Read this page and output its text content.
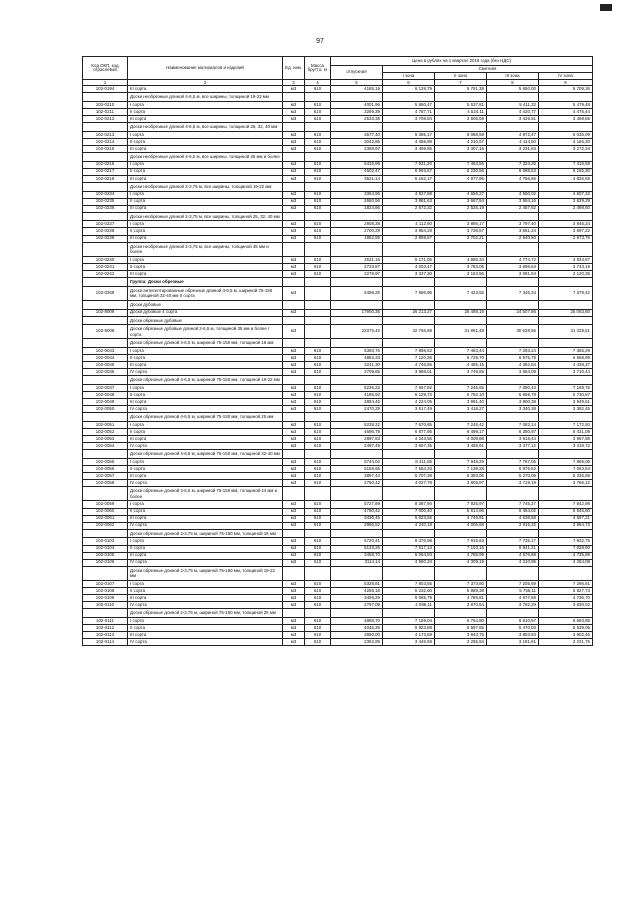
97
Код ОКП, код отраслевой	Наименование материалов и изделий	Ед. изм.	Масса брутто, кг	Цена в рублях на 1 квартал 2016 года (без НДС)				
				отпускная	Сметная			
					I зона	II зона	III зона	IV зона
1	2	3	4	5	6	7	8	9
102-0194	III сорта	м3	610	4185,19	6 128,79	5 791,38	5 650,00	5 709,36
	Доски необрезные длиной 4-6,5 м, все ширины, толщиной 19-22 мм							
102-0210	I сорта	м3	610	4001,96	5 860,47	5 537,81	5 411,32	5 479,48
102-0211	II сорта	м3	610	3269,39	4 787,71	4 524,11	4 420,77	4 476,44
102-0212	III сорта	м3	610	2533,35	3 709,84	3 505,59	3 425,51	3 468,65
	Доски необрезные длиной 4-6,5 м, все ширины, толщиной 25, 32, 40 мм							
102-0213	I сорта	м3	610	3677,40	5 385,17	5 088,59	4 972,47	5 035,09
102-0214	II сорта	м3	610	3042,86	4 455,99	4 210,57	4 114,50	4 166,30
102-0215	III сорта	м3	610	2389,97	3 499,85	3 307,16	3 231,63	3 272,34
	Доски необрезные длиной 4-6,5 м, все ширины, толщиной 45 мм и более							
102-0216	I сорта	м3	610	5415,99	7 931,20	7 494,55	7 323,25	7 415,58
102-0217	II сорта	м3	610	4502,47	6 593,67	6 230,56	6 088,53	6 165,30
102-0218	III сорта	м3	610	3521,14	5 162,17	4 877,86	4 766,56	4 826,59
	Доски необрезные длиной 2-3,75 м, все ширины, толщиной 19-22 мм							
102-0234	I сорта	м3	610	3364,96	4 927,68	4 656,27	4 550,02	4 607,32
102-0235	II сорта	м3	610	2650,56	3 881,63	3 667,94	3 584,16	3 629,29
102-0236	III сорта	м3	610	1824,86	2 672,32	2 525,19	2 467,52	2 498,60
	Доски необрезные длиной 2-3,75 м, все ширины, толщиной 25, 32, 40 мм							
102-0237	I сорта	м3	610	2808,38	4 112,60	3 886,17	3 797,40	3 845,24
102-0238	II сорта	м3	610	2700,29	3 954,29	3 736,57	3 651,24	3 697,22
102-0239	III сорта	м3	610	1952,86	2 859,67	2 702,21	2 640,50	2 673,76
	Доски необрезные длиной 2-3,75 м, все ширины, толщиной 45 мм и более							
102-0240	I сорта	м3	610	3531,16	5 171,05	4 886,34	4 774,72	4 834,87
102-0241	II сорта	м3	610	2733,87	4 003,47	3 783,05	3 696,64	3 743,19
102-0242	III сорта	м3	610	2278,97	3 337,30	3 153,56	3 081,54	3 120,35
	Группа: Доски обрезные							
102-0269	Доски антисептированные обрезные длиной 4-6,5 м, шириной 75-150 мм, толщиной 32-40 мм II сорта	м3		5498,25	7 586,95	7 423,55	7 346,34	7 379,42
	Доски дубовые							
102-8009	Доски дубовые 4 сорта	м3		17900,35	26 213,27	25 489,19	24 507,86	25 063,60
	Доски обрезные дубовые							
102-8008	Доски обрезные дубовые длиной 2-6,5 м, толщиной 35 мм и более I сорта	м3		22375,42	32 766,88	31 861,48	30 628,56	31 329,51
	Доски обрезные длиной 4-6,5 м, шириной 75-150 мм, толщиной 16 мм							
102-0043	I сорта	м3	610	5393,76	7 898,62	7 463,44	7 293,24	7 385,29
102-0044	II сорта	м3	610	4862,33	7 120,36	6 728,70	6 575,78	6 658,99
102-0045	III сорта	м3	610	3241,30	4 746,55	4 485,15	4 382,84	4 438,37
102-0046	IV сорта	м3	610	2709,65	3 968,01	3 749,69	3 664,09	3 710,44
	Доски обрезные длиной 4-6,5 м, шириной 75-150 мм, толщиной 19-22 мм							
102-0047	I сорта	м3	610	5236,22	7 667,92	7 245,65	7 080,43	7 169,76
102-0048	II сорта	м3	610	4185,92	6 129,72	5 792,10	5 659,78	5 730,97
102-0049	III сорта	м3	610	2884,45	4 224,05	3 991,40	3 900,38	3 949,61
102-0050	IV сорта	м3	610	2470,29	3 617,49	3 418,27	3 340,38	3 382,45
	Доски обрезные длиной 4-6,5 м, шириной 75-150 мм, толщиной 25 мм							
102-0051	I сорта	м3	610	5238,22	7 670,85	7 248,42	7 083,14	7 172,50
102-0052	II сорта	м3	610	4696,79	6 877,95	6 499,17	6 350,97	6 431,09
102-0053	III сорта	м3	610	2897,83	4 243,56	4 009,88	3 918,44	3 967,88
102-0054	IV сорта	м3	610	2497,49	3 657,35	3 455,91	3 377,12	3 419,72
	Доски обрезные длиной 4-6,5 м, шириной 75-150 мм, толщиной 32-40 мм							
102-0055	I сорта	м3	610	5744,02	8 411,55	7 948,29	7 767,05	7 865,06
102-0056	II сорта	м3	610	5158,65	7 554,33	7 138,28	6 975,52	7 063,54
102-0057	III сорта	м3	610	3897,43	5 707,38	5 393,06	5 270,09	5 336,59
102-0058	IV сорта	м3	610	2750,42	4 027,78	3 805,97	3 719,19	3 766,12
	Доски обрезные длиной 4-6,5 м, шириной 75-150 мм, толщиной 44 мм и более							
102-0059	I сорта	м3	610	5727,89	8 387,94	7 925,97	7 745,27	7 842,98
102-0060	II сорта	м3	610	4780,42	7 000,40	6 614,86	6 464,02	6 545,60
102-0061	III сорта	м3	610	3430,45	5 023,56	4 746,91	4 638,68	4 697,21
102-0062	IV сорта	м3	610	2895,52	4 240,18	4 006,68	3 915,32	3 964,73
	Доски обрезные длиной 2-3,75 м, шириной 75-150 мм, толщиной 16 мм							
102-0103	I сорта	м3	610	5720,41	8 376,98	7 915,63	7 735,17	7 832,75
102-0104	II сорта	м3	610	5133,25	7 517,13	7 103,16	6 941,21	7 028,80
102-0105	III сорта	м3	610	3458,70	5 064,93	4 785,99	4 676,88	4 735,89
102-0106	IV сорта	м3	610	3114,14	4 560,34	4 309,19	4 210,95	4 264,08
	Доски обрезные длиной 2-3,75 м, шириной 75-150 мм, толщиной 19-22 мм							
102-0107	I сорта	м3	610	5328,81	7 803,55	7 373,80	7 205,69	7 296,61
102-0108	II сорта	м3	610	4256,18	6 232,60	5 889,38	5 755,11	5 827,73
102-0109	III сорта	м3	610	3459,29	5 065,79	4 786,81	4 677,68	4 736,70
102-0110	IV сорта	м3	610	2797,09	4 096,11	3 870,54	3 782,29	3 830,02
	Доски обрезные длиной 2-3,75 м, шириной 75-150 мм, толщиной 25 мм							
102-0111	I сорта	м3	610	4888,70	7 159,04	6 764,80	6 610,57	6 693,98
102-0112	II сорта	м3	610	4045,26	5 923,88	5 597,65	5 470,03	5 539,05
102-0113	III сорта	м3	610	2850,00	4 173,59	3 943,75	3 853,84	3 902,46
102-0114	IV сорта	м3	610	2352,89	3 445,59	3 255,84	3 181,61	3 221,76
